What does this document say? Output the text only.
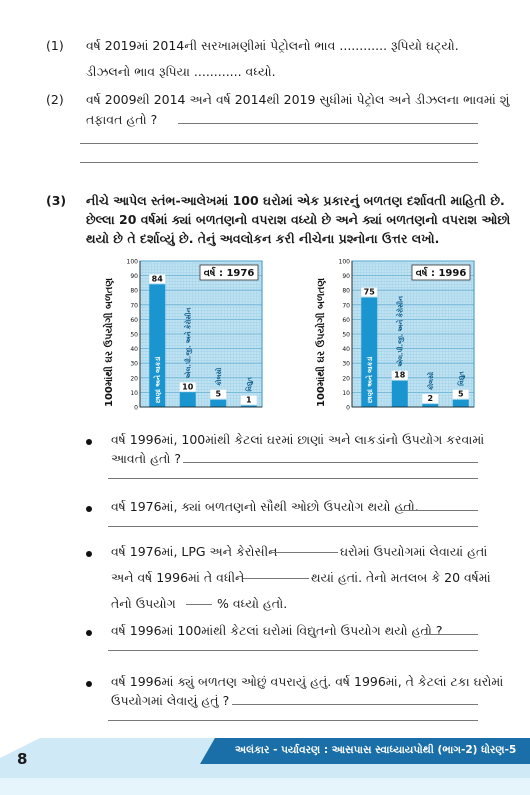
(1) વર્ષ 2019માં 2014ની સરખામણીમાં પેટ્રોલનો ભાવ ............ રૂપિયો ઘટ્યો.
ડીઝલનો ભાવ રૂપિયા ............ વધ્યો.
(2) વર્ષ 2009થી 2014 અને વર્ષ 2014થી 2019 સુધીમાં પેટ્રોલ અને ડીઝલના ભાવમાં શું
તફાવત હતો ?
(3) નીચે આપેલ સ્તંભ-આલેખમાં 100 ઘરોમાં એક પ્રકારનું બળતણ દર્શાવતી માહિતી છે.
છેલ્લા 20 વર્ષમાં ક્યાં બળતણનો વપરાશ વધ્યો છે અને ક્યાં બળતણનો વપરાશ ઓછો
થયો છે તે દર્શાવ્યું છે. તેનું અવલોકન કરી નીચેના પ્રશ્નોના ઉત્તર લખો.
0
10
20
30
40
50
60
70
80
90
100
100માંથી ઘર ઉપયોગી બળતણ
વર્ષ : 1976
84
છાણાં અને લાકડાં	10
એલ.પી.જી. અને કેરોસીન
5
કોલસો
1
વિદ્યુત
0
10
20
30
40
50
60
70
80
90
100
100માંથી ઘર ઉપયોગી બળતણ
વર્ષ : 1996
75
છાણાં અને લાકડાં	18
એલ.પી.જી. અને કેરોસીન
2
કોલસો
5
વિદ્યુત
વર્ષ 1996માં, 100માંથી કેટલાં ઘરમાં છાણાં અને લાકડાંનો ઉપયોગ કરવામાં
આવતો હતો ?
વર્ષ 1976માં, ક્યાં બળતણનો સૌથી ઓછો ઉપયોગ થયો હતો.
વર્ષ 1976માં, LPG અને કેરોસીન	ઘરોમાં ઉપયોગમાં લેવાયાં હતાં
અને વર્ષ 1996માં તે વધીને	થયાં હતાં. તેનો મતલબ કે 20 વર્ષમાં
તેનો ઉપયોગ	% વધ્યો હતો.
વર્ષ 1996માં 100માંથી કેટલાં ઘરોમાં વિદ્યુતનો ઉપયોગ થયો હતો ?
વર્ષ 1996માં ક્યું બળતણ ઓછું વપરાયું હતું. વર્ષ 1996માં, તે કેટલાં ટકા ઘરોમાં
ઉપયોગમાં લેવાયું હતું ?
8	અલંકાર - પર્યાવરણ : આસપાસ સ્વાધ્યાયપોથી (ભાગ-2) ધોરણ-5
